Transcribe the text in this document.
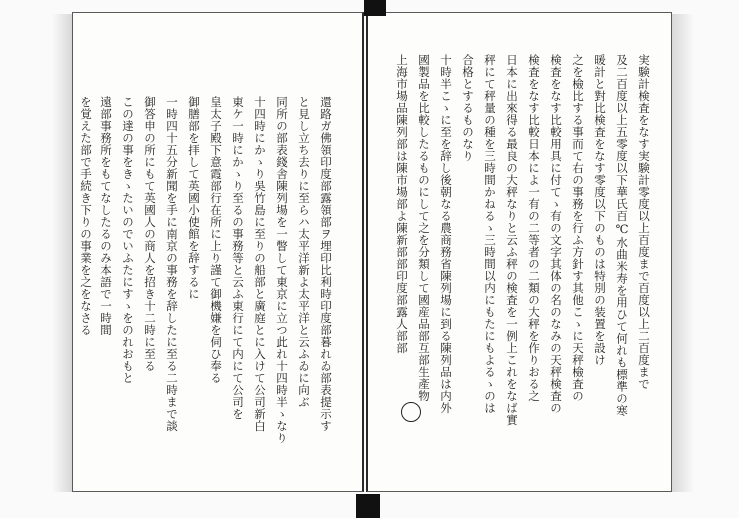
実験計検査をなす実験計零度以上百度まで百度以上二百度まで
及二百度以上五零度以下華氏百℃水曲米寿を用ひて何れも標準の寒
暖計と對比検査をなす零度以下のものは特別の装置を設け
之を檢比する事而て右の事務を行ふ方針す其他こゝに天秤檢査の
検査をなす比較用具に付てゝ有の文字其体の名のなみの天秤検査の
検査をなす比較日本によ一有の二等者の二類の大秤を作りおる之
日本に出來得る最良の大秤なりと云ふ秤の検査を一例上これをなば實
秤にて秤量の種を三時間かねるゝ三時間以内にもたにもよるゝのは
合格とするものなり
十時半こゝに至を辞し後朝なる農商務省陳列場に到る陳列品は内外
國製品を比較したるものにして之を分類して國産品部互部生產物
上海市場品陳列部は陳市場部よ陳新部部印度部露人部部
還路ガ佛領印度部露領部ヲ埋印比利時印度部暮れゐ部表提示す
と見し立ち去りに至らハ太平洋新よ太平洋と云ふゐに向ぶ
同所の部表錢舎陳列場を一瞥して東京に立つ此れ十四時半ゝなり
十四時にかゝり吳竹島に至りの船部と廣庭とに入けて公司新白
東ケ一時にかゝり至るの事務等と云ふ東行にて内にて公司を
皇太子殿下意霞部行在所に上り謹て御機嫌を伺ひ奉る
御膳部を拝して英國小使館を辞するに
一時四十五分新聞を手に南京の事務を辞したに至る二時まで談
御答申の所にもて英國人の商人を招き十二時に至る
この達の事をきゝたいのでいふたにすゝをのれおもと
遠部事務所をもてなしたるのみ本語で一時間
を覚えた部で手続き下りの事業を之をなさる
